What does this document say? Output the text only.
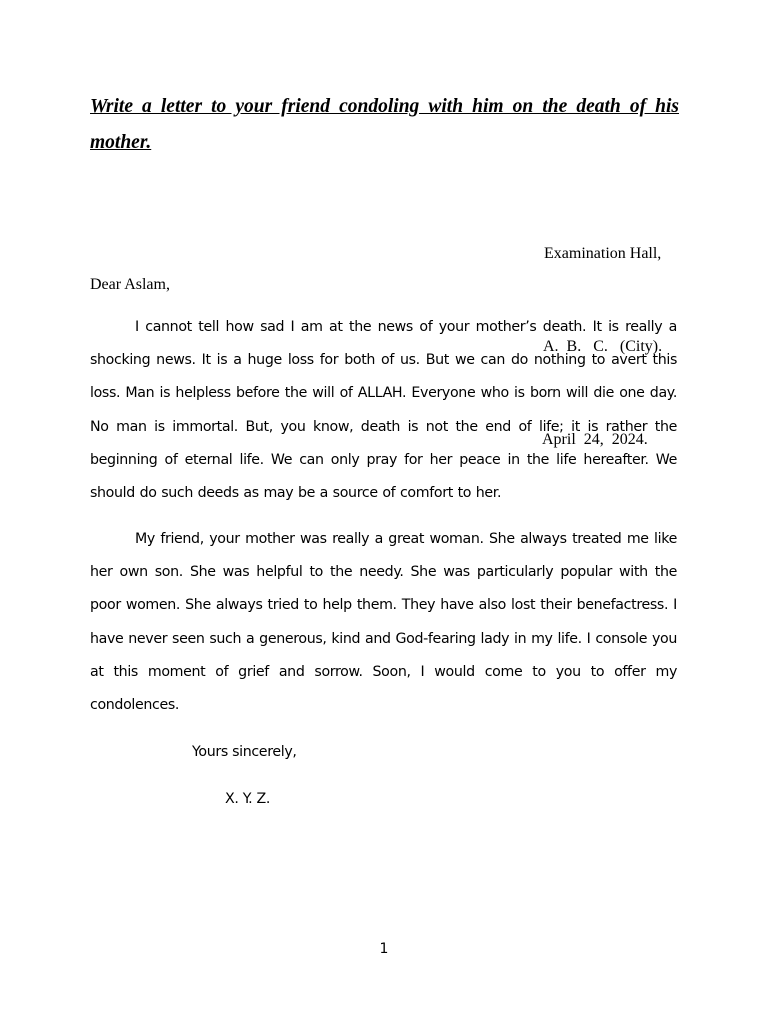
Write a letter to your friend condoling with him on the death of his mother.

Examination Hall,

A.  B.   C.   (City).

April  24,  2024.

Dear Aslam,

I cannot tell how sad I am at the news of your mother’s death. It is really a shocking news. It is a huge loss for both of us. But we can do nothing to avert this loss. Man is helpless before the will of ALLAH. Everyone who is born will die one day. No man is immortal. But, you know, death is not the end of life; it is rather the beginning of eternal life. We can only pray for her peace in the life hereafter. We should do such deeds as may be a source of comfort to her.

My friend, your mother was really a great woman. She always treated me like her own son. She was helpful to the needy. She was particularly popular with the poor women. She always tried to help them. They have also lost their benefactress. I have never seen such a generous, kind and God-fearing lady in my life. I console you at this moment of grief and sorrow. Soon, I would come to you to offer my condolences.

Yours sincerely,

X. Y. Z.

1
